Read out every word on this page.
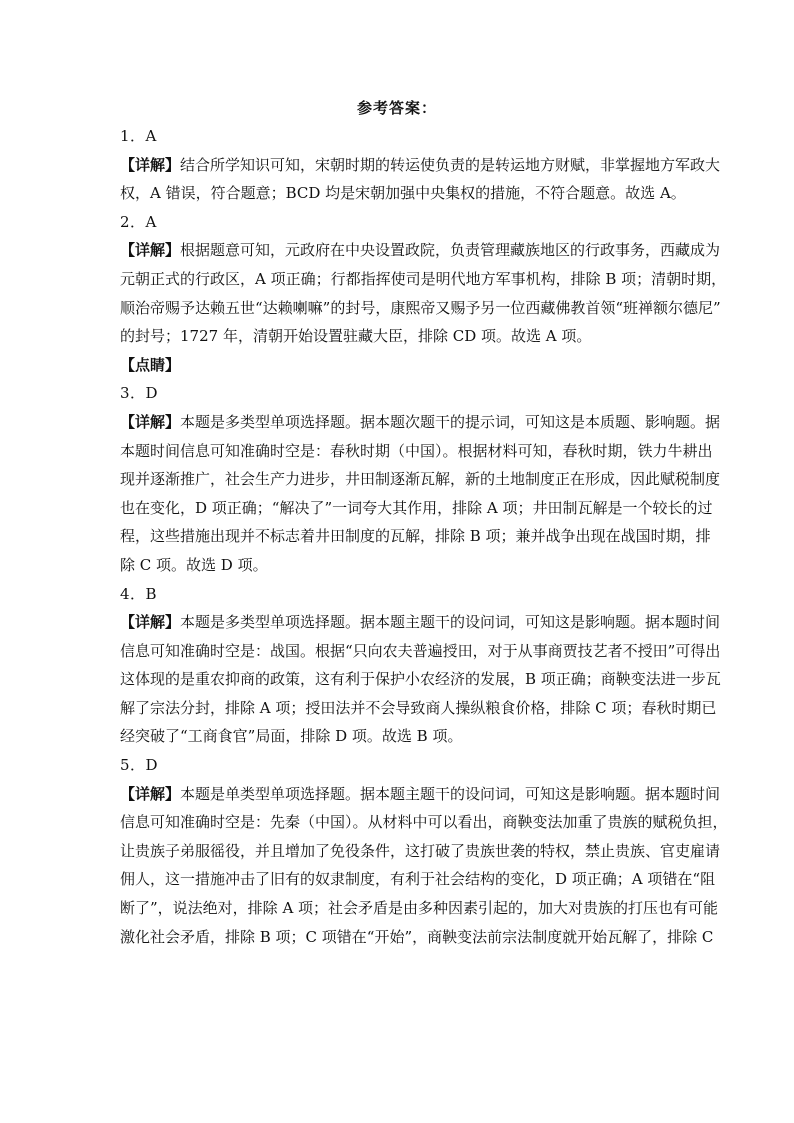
参考答案：
1．A
【详解】结合所学知识可知，宋朝时期的转运使负责的是转运地方财赋，非掌握地方军政大
权，A 错误，符合题意；BCD 均是宋朝加强中央集权的措施，不符合题意。故选 A。
2．A
【详解】根据题意可知，元政府在中央设置政院，负责管理藏族地区的行政事务，西藏成为
元朝正式的行政区，A 项正确；行都指挥使司是明代地方军事机构，排除 B 项；清朝时期，
顺治帝赐予达赖五世“达赖喇嘛”的封号，康熙帝又赐予另一位西藏佛教首领“班禅额尔德尼”
的封号；1727 年，清朝开始设置驻藏大臣，排除 CD 项。故选 A 项。
【点睛】
3．D
【详解】本题是多类型单项选择题。据本题次题干的提示词，可知这是本质题、影响题。据
本题时间信息可知准确时空是：春秋时期（中国）。根据材料可知，春秋时期，铁力牛耕出
现并逐渐推广，社会生产力进步，井田制逐渐瓦解，新的土地制度正在形成，因此赋税制度
也在变化，D 项正确；“解决了”一词夸大其作用，排除 A 项；井田制瓦解是一个较长的过
程，这些措施出现并不标志着井田制度的瓦解，排除 B 项；兼并战争出现在战国时期，排
除 C 项。故选 D 项。
4．B
【详解】本题是多类型单项选择题。据本题主题干的设问词，可知这是影响题。据本题时间
信息可知准确时空是：战国。根据“只向农夫普遍授田，对于从事商贾技艺者不授田”可得出
这体现的是重农抑商的政策，这有利于保护小农经济的发展，B 项正确；商鞅变法进一步瓦
解了宗法分封，排除 A 项；授田法并不会导致商人操纵粮食价格，排除 C 项；春秋时期已
经突破了“工商食官”局面，排除 D 项。故选 B 项。
5．D
【详解】本题是单类型单项选择题。据本题主题干的设问词，可知这是影响题。据本题时间
信息可知准确时空是：先秦（中国）。从材料中可以看出，商鞅变法加重了贵族的赋税负担，
让贵族子弟服徭役，并且增加了免役条件，这打破了贵族世袭的特权，禁止贵族、官吏雇请
佣人，这一措施冲击了旧有的奴隶制度，有利于社会结构的变化，D 项正确；A 项错在“阻
断了”，说法绝对，排除 A 项；社会矛盾是由多种因素引起的，加大对贵族的打压也有可能
激化社会矛盾，排除 B 项；C 项错在“开始”，商鞅变法前宗法制度就开始瓦解了，排除 C
